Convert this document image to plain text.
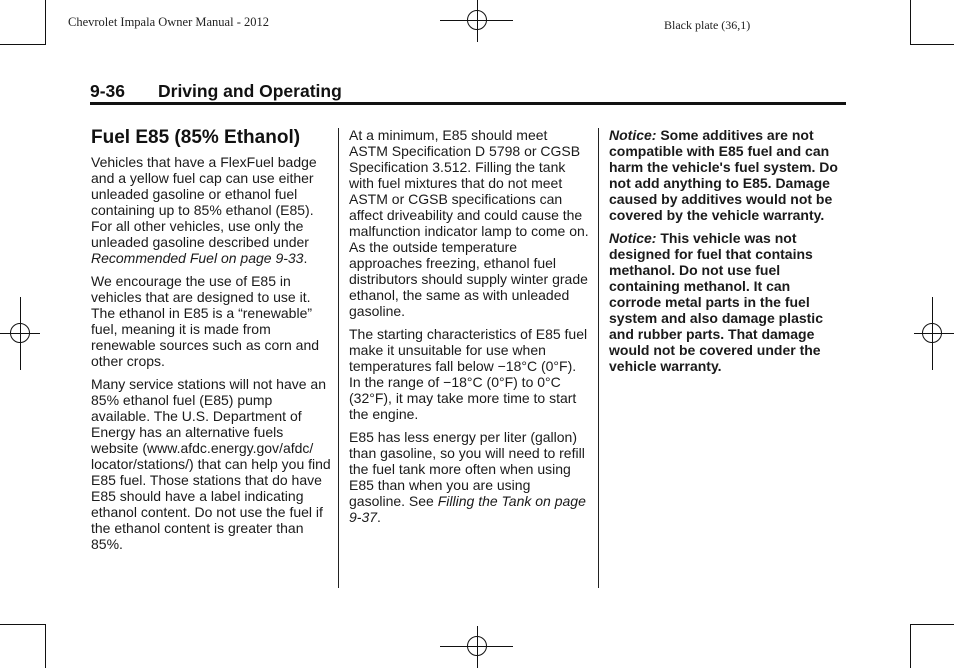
Chevrolet Impala Owner Manual - 2012	Black plate (36,1)
9-36 Driving and Operating
Fuel E85 (85% Ethanol)

Vehicles that have a FlexFuel badge and a yellow fuel cap can use either unleaded gasoline or ethanol fuel containing up to 85% ethanol (E85). For all other vehicles, use only the unleaded gasoline described under Recommended Fuel on page 9-33.

We encourage the use of E85 in vehicles that are designed to use it. The ethanol in E85 is a “renewable” fuel, meaning it is made from renewable sources such as corn and other crops.

Many service stations will not have an 85% ethanol fuel (E85) pump available. The U.S. Department of Energy has an alternative fuels website (www.afdc.energy.gov/afdc/ locator/stations/) that can help you find E85 fuel. Those stations that do have E85 should have a label indicating ethanol content. Do not use the fuel if the ethanol content is greater than 85%.

At a minimum, E85 should meet ASTM Specification D 5798 or CGSB Specification 3.512. Filling the tank with fuel mixtures that do not meet ASTM or CGSB specifications can affect driveability and could cause the malfunction indicator lamp to come on. As the outside temperature approaches freezing, ethanol fuel distributors should supply winter grade ethanol, the same as with unleaded gasoline.

The starting characteristics of E85 fuel make it unsuitable for use when temperatures fall below −18°C (0°F). In the range of −18°C (0°F) to 0°C (32°F), it may take more time to start the engine.

E85 has less energy per liter (gallon) than gasoline, so you will need to refill the fuel tank more often when using E85 than when you are using gasoline. See Filling the Tank on page 9-37.

Notice: Some additives are not compatible with E85 fuel and can harm the vehicle's fuel system. Do not add anything to E85. Damage caused by additives would not be covered by the vehicle warranty.

Notice: This vehicle was not designed for fuel that contains methanol. Do not use fuel containing methanol. It can corrode metal parts in the fuel system and also damage plastic and rubber parts. That damage would not be covered under the vehicle warranty.
